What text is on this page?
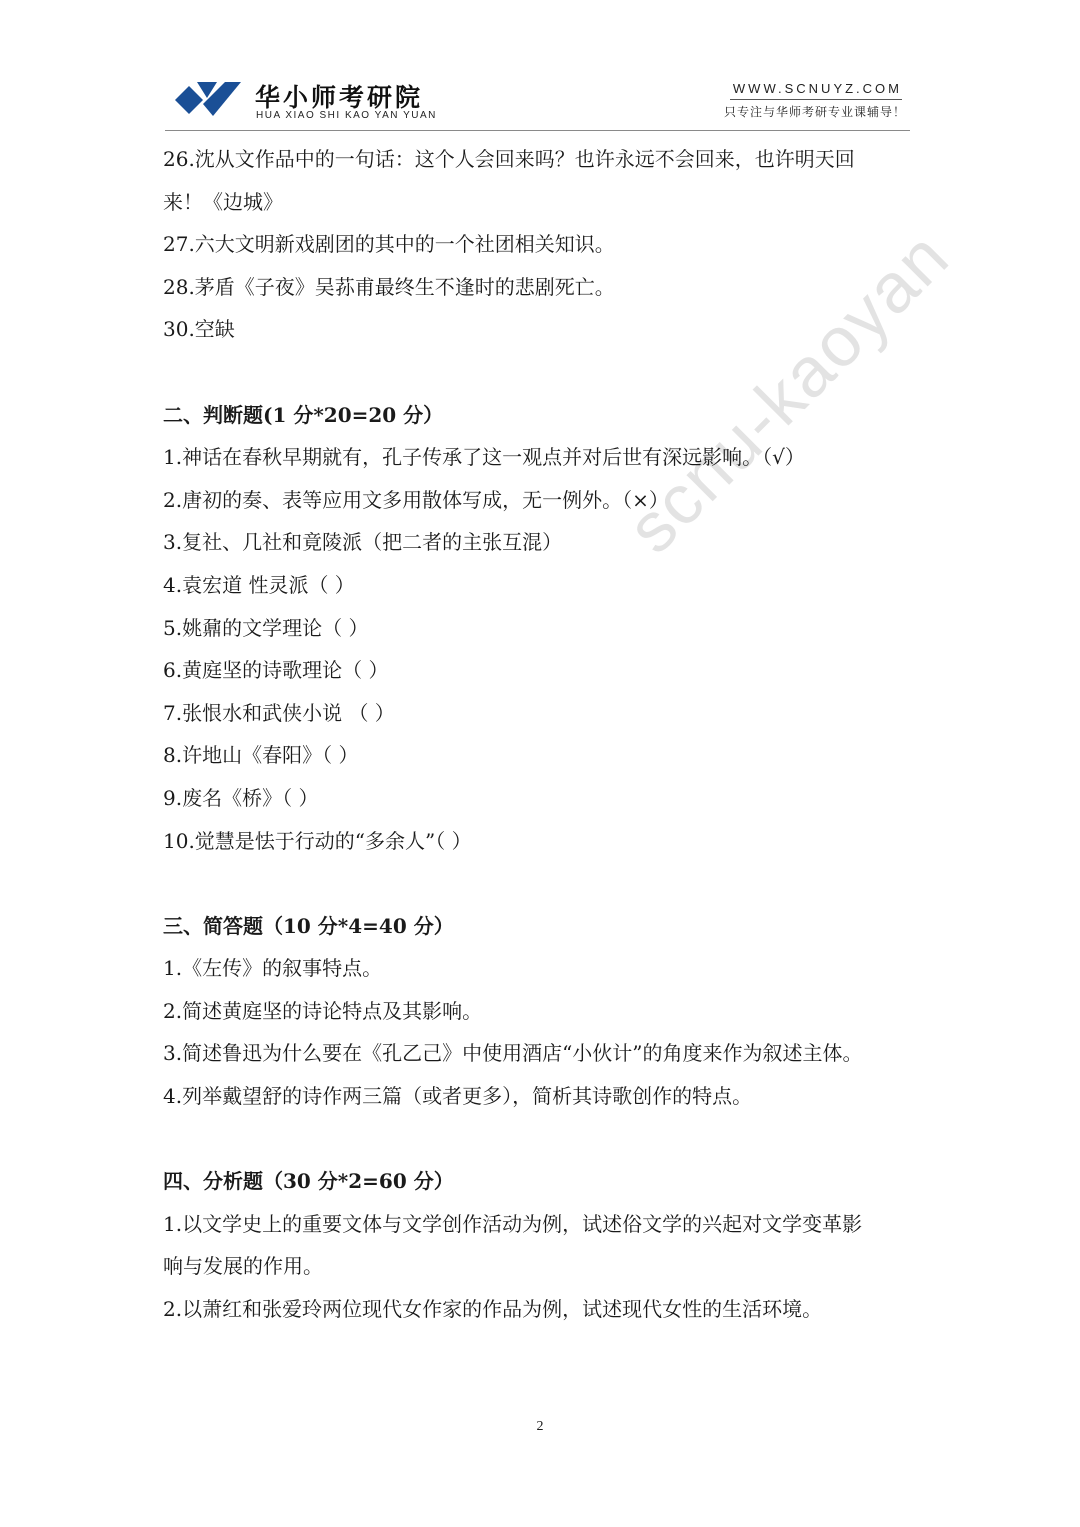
华小师考研院
HUA XIAO SHI KAO YAN YUAN
WWW.SCNUYZ.COM
只专注与华师考研专业课辅导！
scnu-kaoyan
26.沈从文作品中的一句话：这个人会回来吗？也许永远不会回来，也许明天回
来！《边城》
27.六大文明新戏剧团的其中的一个社团相关知识。
28.茅盾《子夜》吴荪甫最终生不逢时的悲剧死亡。
30.空缺
二、判断题(1 分*20=20 分）
1.神话在春秋早期就有，孔子传承了这一观点并对后世有深远影响。（√）
2.唐初的奏、表等应用文多用散体写成，无一例外。（×）
3.复社、几社和竟陵派（把二者的主张互混）
4.袁宏道 性灵派（ ）
5.姚鼐的文学理论（ ）
6.黄庭坚的诗歌理论（ ）
7.张恨水和武侠小说 （ ）
8.许地山《春阳》（ ）
9.废名《桥》（ ）
10.觉慧是怯于行动的“多余人”（ ）
三、简答题（10 分*4=40 分）
1.《左传》的叙事特点。
2.简述黄庭坚的诗论特点及其影响。
3.简述鲁迅为什么要在《孔乙己》中使用酒店“小伙计”的角度来作为叙述主体。
4.列举戴望舒的诗作两三篇（或者更多），简析其诗歌创作的特点。
四、分析题（30 分*2=60 分）
1.以文学史上的重要文体与文学创作活动为例，试述俗文学的兴起对文学变革影
响与发展的作用。
2.以萧红和张爱玲两位现代女作家的作品为例，试述现代女性的生活环境。
2
